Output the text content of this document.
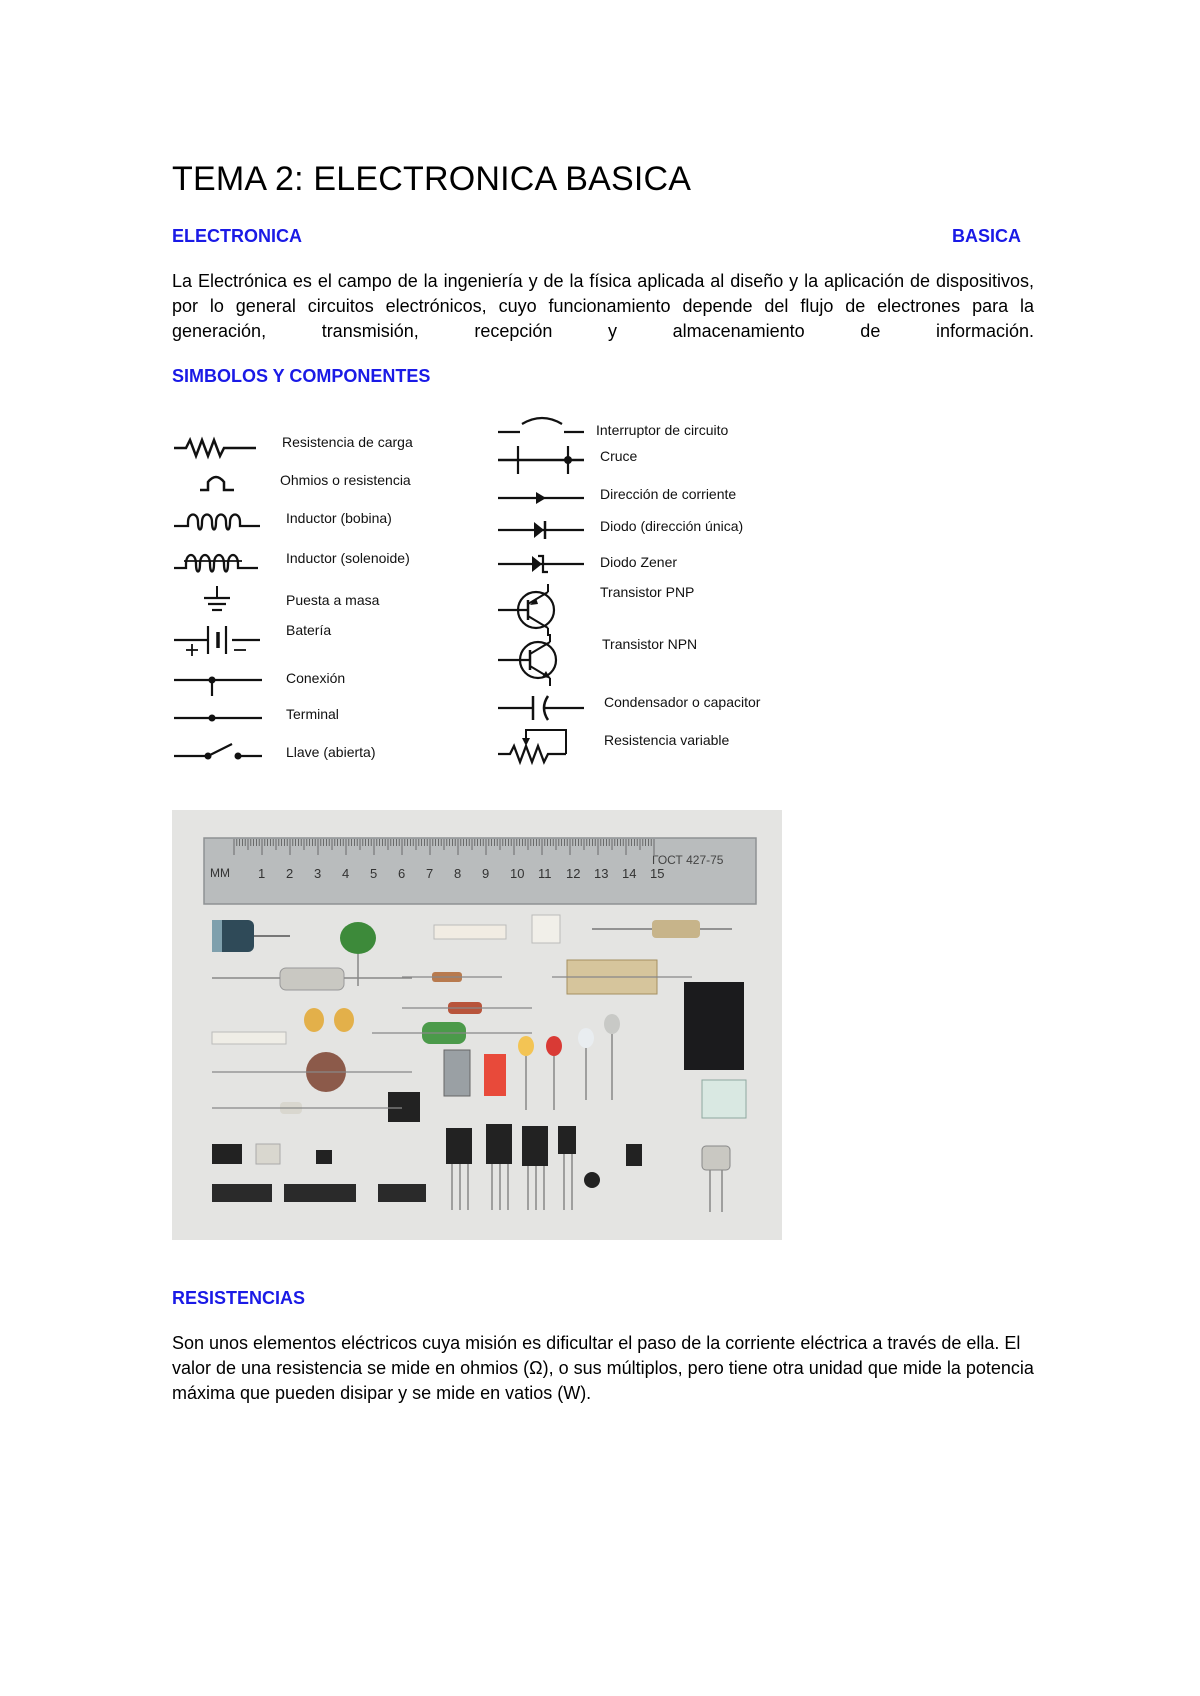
TEMA 2: ELECTRONICA BASICA
ELECTRONICA	BASICA

La Electrónica es el campo de la ingeniería y de la física aplicada al diseño y la aplicación de dispositivos, por lo general circuitos electrónicos, cuyo funcionamiento depende del flujo de electrones para la generación, transmisión, recepción y almacenamiento de información.

SIMBOLOS Y COMPONENTES
Resistencia de carga
Ohmios o resistencia
Inductor (bobina)
Inductor (solenoide)
Puesta a masa
Batería
Conexión
Terminal
Llave (abierta)
Interruptor de circuito
Cruce
Dirección de corriente
Diodo (dirección única)
Diodo Zener
Transistor PNP
Transistor NPN
Condensador o capacitor
Resistencia variable
MM 1 2 3 4 5 6 7 8 9 10 11 12 13 14 15
ГОСТ 427-75
RESISTENCIAS

Son unos elementos eléctricos cuya misión es dificultar el paso de la corriente eléctrica a través de ella. El valor de una resistencia se mide en ohmios (Ω), o sus múltiplos, pero tiene otra unidad que mide la potencia máxima que pueden disipar y se mide en vatios (W).
